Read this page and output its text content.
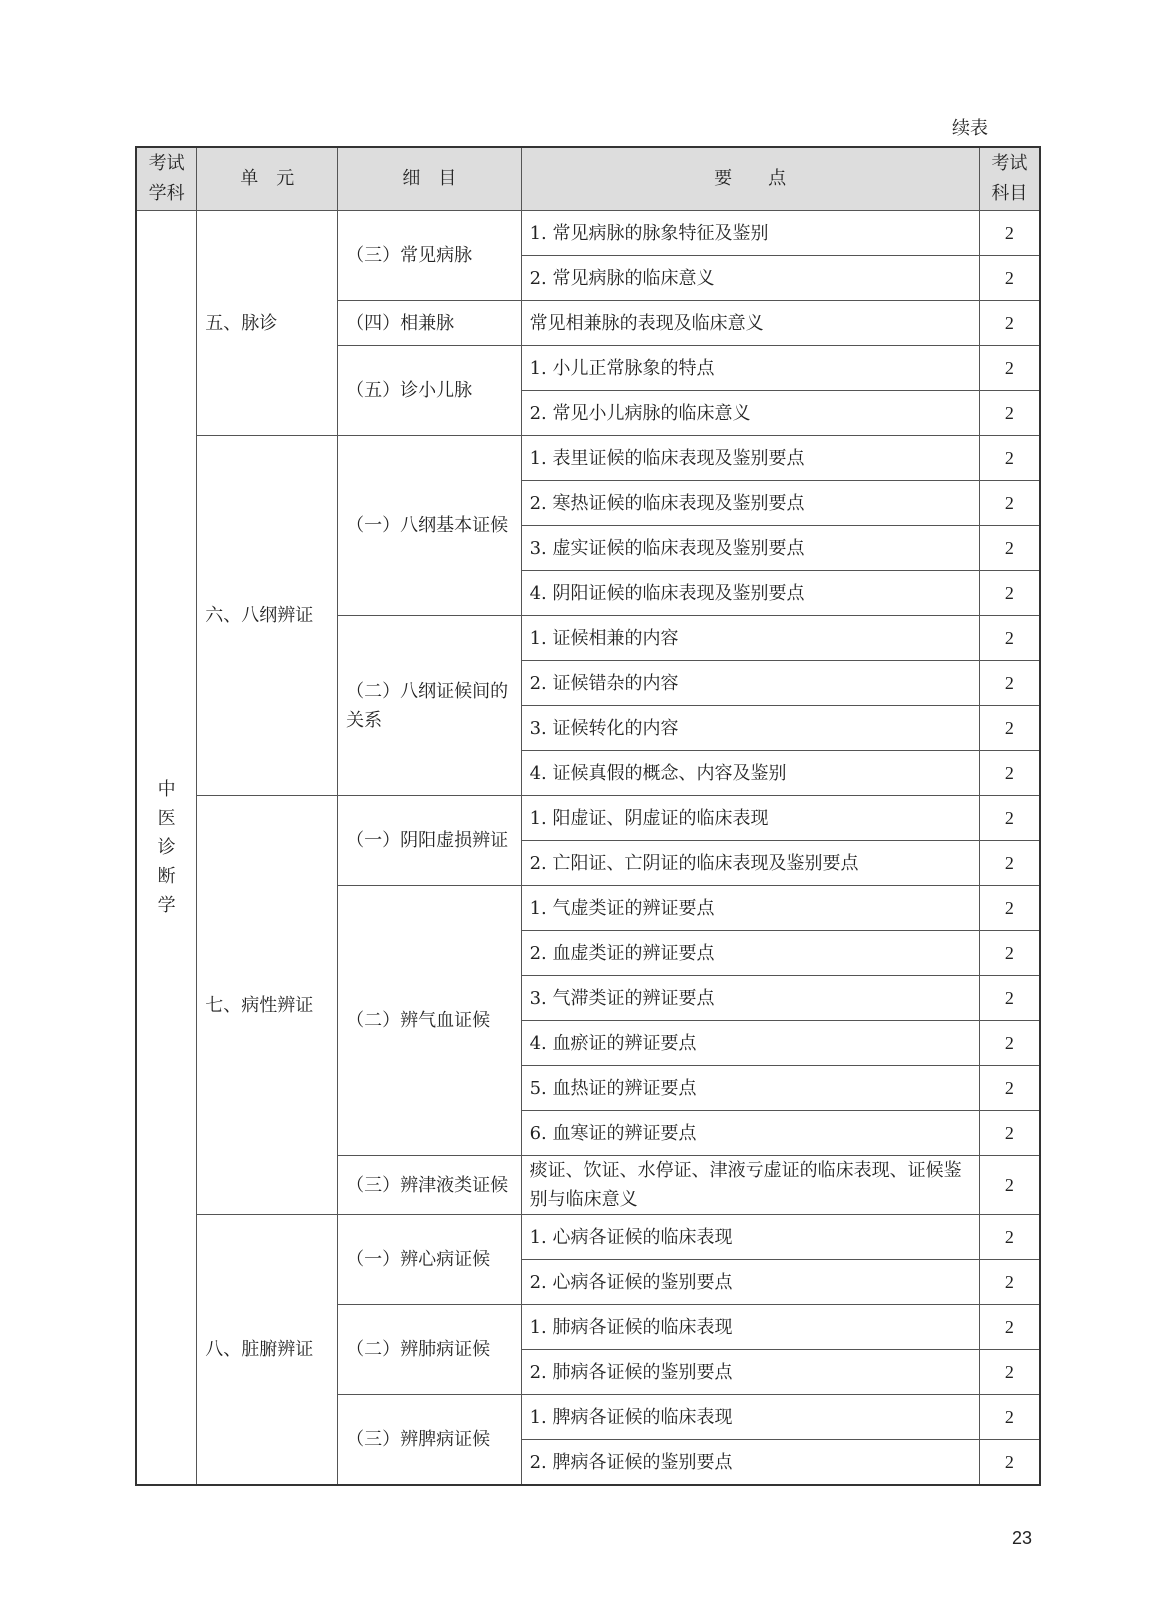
续表
考试学科	单　元	细　目	要　　点	考试科目
中医诊断学	五、脉诊	（三）常见病脉	1. 常见病脉的脉象特征及鉴别	2
			2. 常见病脉的临床意义	2
		（四）相兼脉	常见相兼脉的表现及临床意义	2
		（五）诊小儿脉	1. 小儿正常脉象的特点	2
			2. 常见小儿病脉的临床意义	2
	六、八纲辨证	（一）八纲基本证候	1. 表里证候的临床表现及鉴别要点	2
			2. 寒热证候的临床表现及鉴别要点	2
			3. 虚实证候的临床表现及鉴别要点	2
			4. 阴阳证候的临床表现及鉴别要点	2
		（二）八纲证候间的关系	1. 证候相兼的内容	2
			2. 证候错杂的内容	2
			3. 证候转化的内容	2
			4. 证候真假的概念、内容及鉴别	2
	七、病性辨证	（一）阴阳虚损辨证	1. 阳虚证、阴虚证的临床表现	2
			2. 亡阳证、亡阴证的临床表现及鉴别要点	2
		（二）辨气血证候	1. 气虚类证的辨证要点	2
			2. 血虚类证的辨证要点	2
			3. 气滞类证的辨证要点	2
			4. 血瘀证的辨证要点	2
			5. 血热证的辨证要点	2
			6. 血寒证的辨证要点	2
		（三）辨津液类证候	痰证、饮证、水停证、津液亏虚证的临床表现、证候鉴别与临床意义	2
	八、脏腑辨证	（一）辨心病证候	1. 心病各证候的临床表现	2
			2. 心病各证候的鉴别要点	2
		（二）辨肺病证候	1. 肺病各证候的临床表现	2
			2. 肺病各证候的鉴别要点	2
		（三）辨脾病证候	1. 脾病各证候的临床表现	2
			2. 脾病各证候的鉴别要点	2
23
